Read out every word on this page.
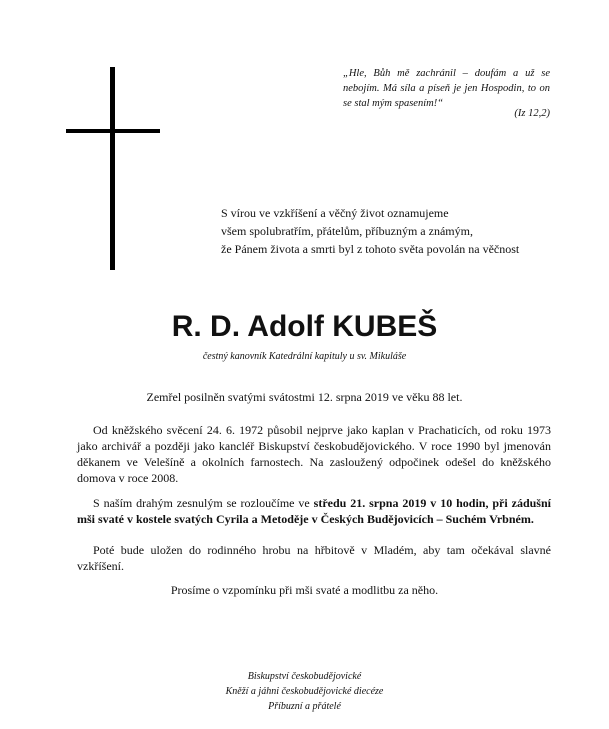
„Hle, Bůh mě zachránil – doufám a už se nebojím. Má síla a píseň je jen Hospodin, to on se stal mým spasením!“
(Iz 12,2)
S vírou ve vzkříšení a věčný život oznamujeme
všem spolubratřím, přátelům, příbuzným a známým,
že Pánem života a smrti byl z tohoto světa povolán na věčnost
R. D. Adolf KUBEŠ
čestný kanovník Katedrální kapituly u sv. Mikuláše
Zemřel posilněn svatými svátostmi 12. srpna 2019 ve věku 88 let.
Od kněžského svěcení 24. 6. 1972 působil nejprve jako kaplan v Prachaticích, od roku 1973 jako archivář a později jako kancléř Biskupství českobudějovického. V roce 1990 byl jmenován děkanem ve Velešíně a okolních farnostech. Na zasloužený odpočinek odešel do kněžského domova v roce 2008.
S naším drahým zesnulým se rozloučíme ve středu 21. srpna 2019 v 10 hodin, při zádušní mši svaté v kostele svatých Cyrila a Metoděje v Českých Budějovicích – Suchém Vrbném.
Poté bude uložen do rodinného hrobu na hřbitově v Mladém, aby tam očekával slavné vzkříšení.
Prosíme o vzpomínku při mši svaté a modlitbu za něho.
Biskupství českobudějovické
Kněží a jáhni českobudějovické diecéze
Příbuzní a přátelé
